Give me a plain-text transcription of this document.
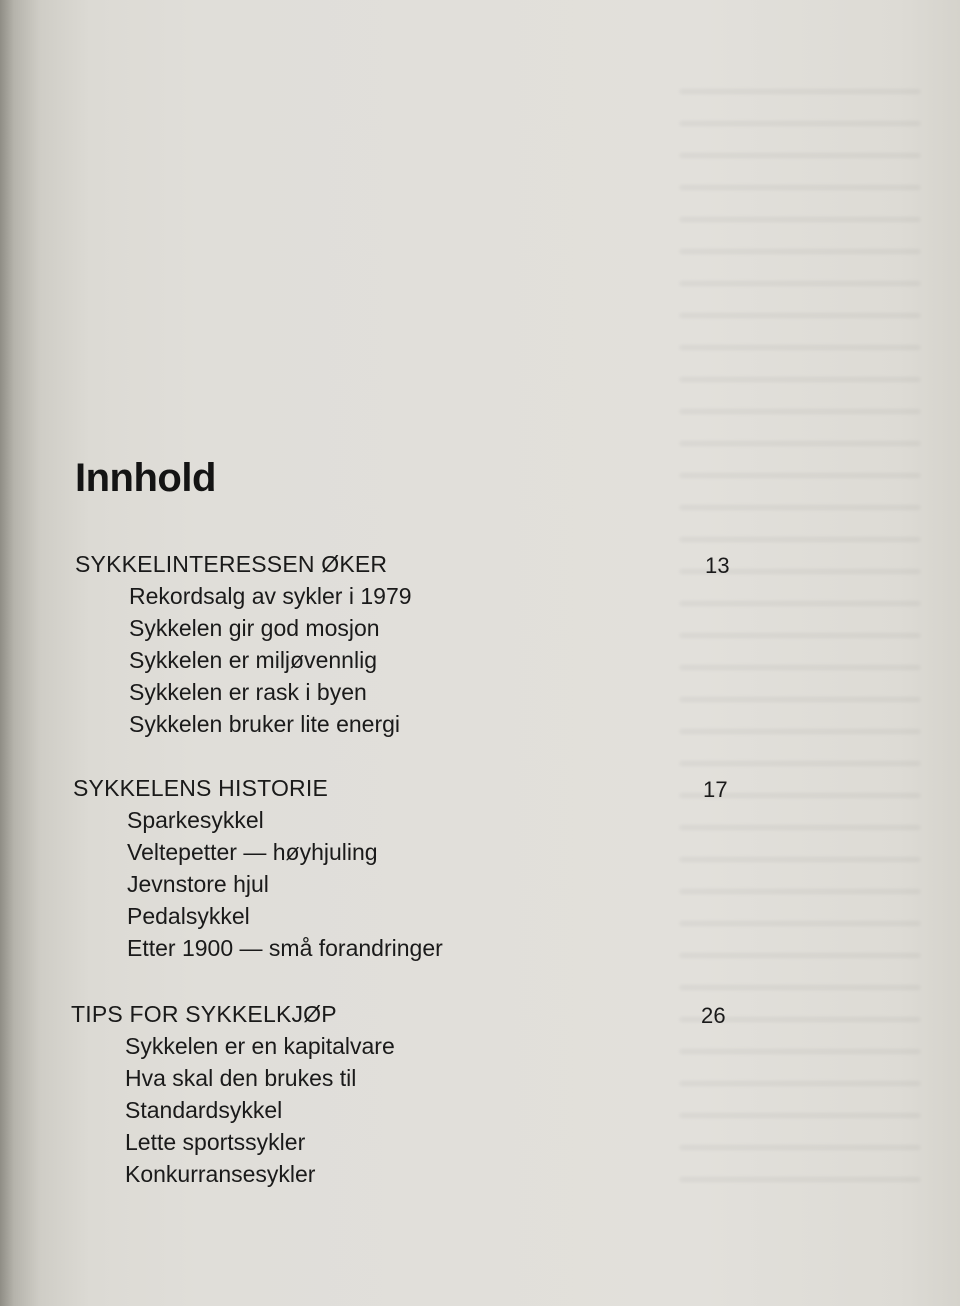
Innhold
SYKKELINTERESSEN ØKER	13
Rekordsalg av sykler i 1979
Sykkelen gir god mosjon
Sykkelen er miljøvennlig
Sykkelen er rask i byen
Sykkelen bruker lite energi
SYKKELENS HISTORIE	17
Sparkesykkel
Veltepetter — høyhjuling
Jevnstore hjul
Pedalsykkel
Etter 1900 — små forandringer
TIPS FOR SYKKELKJØP	26
Sykkelen er en kapitalvare
Hva skal den brukes til
Standardsykkel
Lette sportssykler
Konkurransesykler
